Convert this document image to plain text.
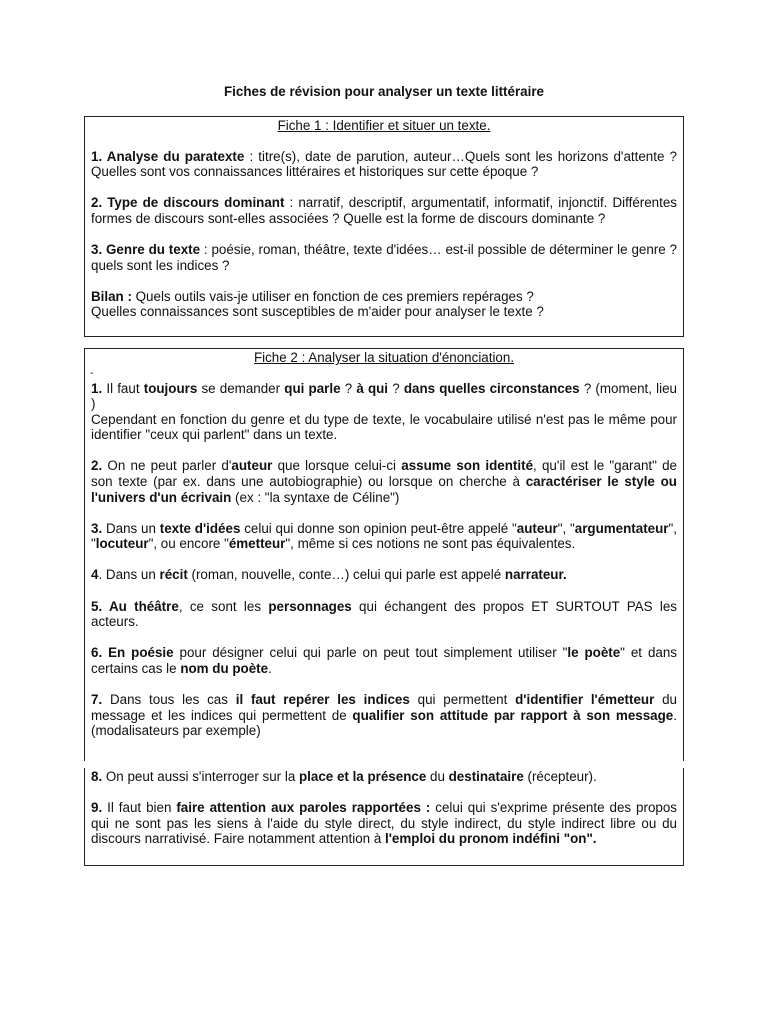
Fiches de révision pour analyser un texte littéraire
Fiche 1 : Identifier et situer un texte.

1. Analyse du paratexte : titre(s), date de parution, auteur…Quels sont les horizons d'attente ? Quelles sont vos connaissances littéraires et historiques sur cette époque ?

2. Type de discours dominant : narratif, descriptif, argumentatif, informatif, injonctif. Différentes formes de discours sont-elles associées ? Quelle est la forme de discours dominante ?

3. Genre du texte : poésie, roman, théâtre, texte d'idées… est-il possible de déterminer le genre ? quels sont les indices ?

Bilan : Quels outils vais-je utiliser en fonction de ces premiers repérages ?
Quelles connaissances sont susceptibles de m'aider pour analyser le texte ?

Fiche 2 : Analyser la situation d'énonciation.

1. Il faut toujours se demander qui parle ? à qui ? dans quelles circonstances ? (moment, lieu )
Cependant en fonction du genre et du type de texte, le vocabulaire utilisé n'est pas le même pour identifier "ceux qui parlent" dans un texte.

2. On ne peut parler d'auteur que lorsque celui-ci assume son identité, qu'il est le "garant" de son texte (par ex. dans une autobiographie) ou lorsque on cherche à caractériser le style ou l'univers d'un écrivain (ex : "la syntaxe de Céline")

3. Dans un texte d'idées celui qui donne son opinion peut-être appelé "auteur", "argumentateur", "locuteur", ou encore "émetteur", même si ces notions ne sont pas équivalentes.

4. Dans un récit (roman, nouvelle, conte…) celui qui parle est appelé narrateur.

5. Au théâtre, ce sont les personnages qui échangent des propos ET SURTOUT PAS les acteurs.

6. En poésie pour désigner celui qui parle on peut tout simplement utiliser "le poète" et dans certains cas le nom du poète.

7. Dans tous les cas il faut repérer les indices qui permettent d'identifier l'émetteur du message et les indices qui permettent de qualifier son attitude par rapport à son message. (modalisateurs par exemple)

-

8. On peut aussi s'interroger sur la place et la présence du destinataire (récepteur).

9. Il faut bien faire attention aux paroles rapportées : celui qui s'exprime présente des propos qui ne sont pas les siens à l'aide du style direct, du style indirect, du style indirect libre ou du discours narrativisé. Faire notamment attention à l'emploi du pronom indéfini "on".
